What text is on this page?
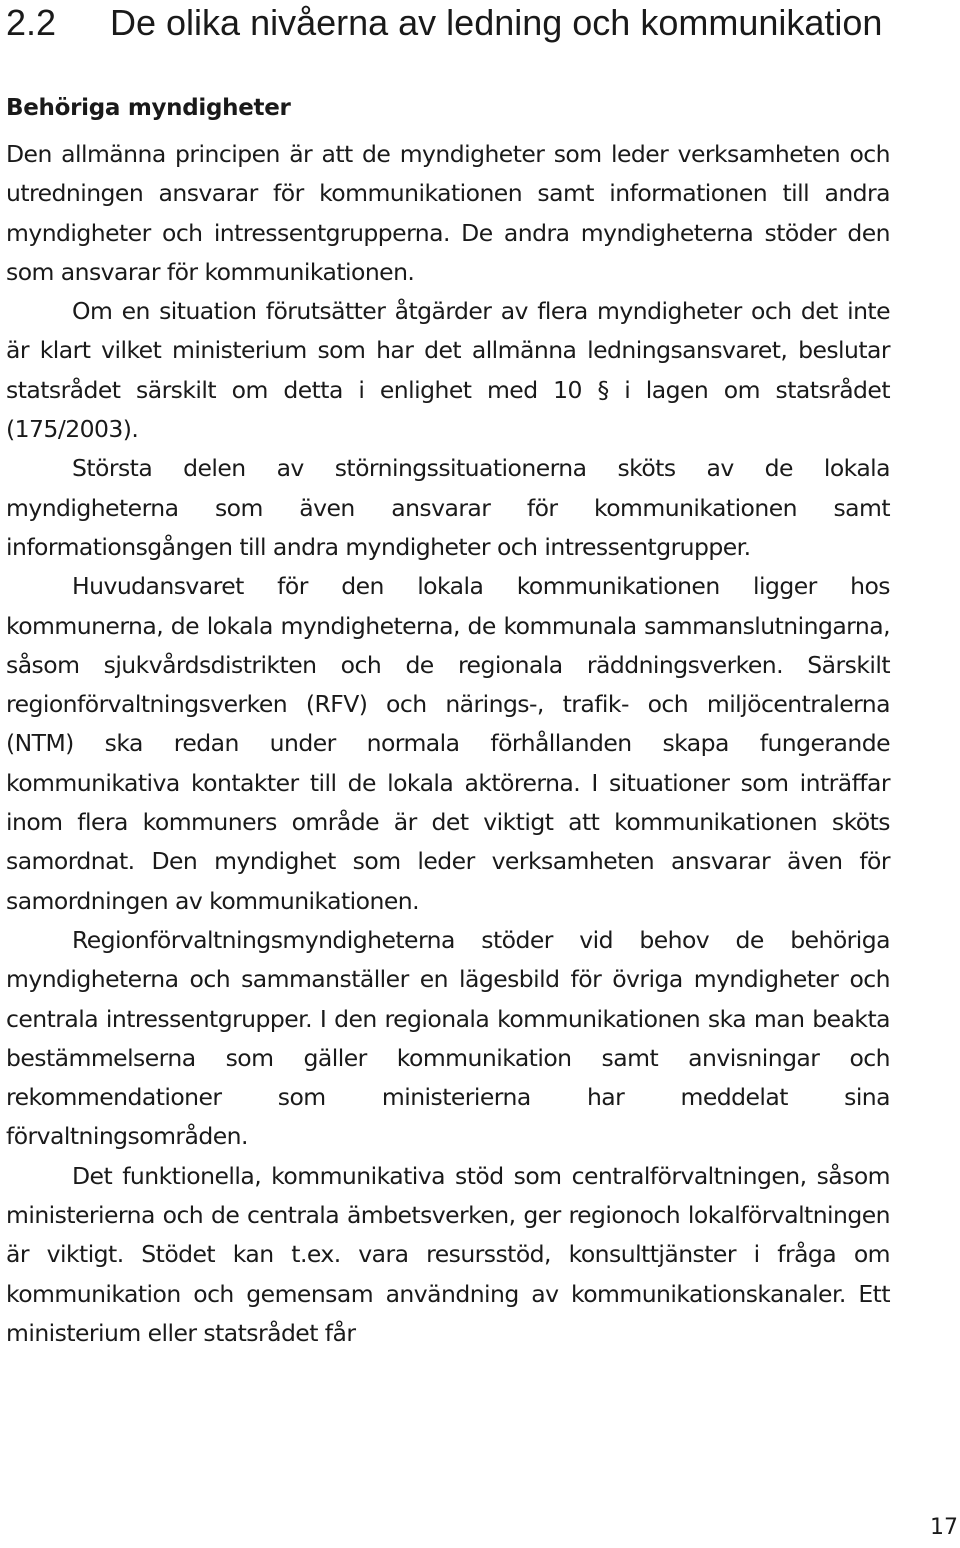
2.2 De olika nivåerna av ledning och kommunikation
Behöriga myndigheter

Den allmänna principen är att de myndigheter som leder verksamheten och utredningen ansvarar för kommunikationen samt informationen till andra myndigheter och intressentgrupperna. De andra myndigheterna stöder den som ansvarar för kommunikationen.

Om en situation förutsätter åtgärder av flera myndigheter och det inte är klart vilket ministerium som har det allmänna ledningsansvaret, beslutar statsrådet särskilt om detta i enlighet med 10 § i lagen om statsrådet (175/2003).

Största delen av störningssituationerna sköts av de lokala myndigheterna som även ansvarar för kommunikationen samt informationsgången till andra myndigheter och intressentgrupper.

Huvudansvaret för den lokala kommunikationen ligger hos kommunerna, de lokala myndigheterna, de kommunala sammanslutningarna, såsom sjukvårdsdistrikten och de regionala räddningsverken. Särskilt regionförvaltningsverken (RFV) och närings-, trafik- och miljöcentralerna (NTM) ska redan under normala förhållanden skapa fungerande kommunikativa kontakter till de lokala aktörerna. I situationer som inträffar inom flera kommuners område är det viktigt att kommunikationen sköts samordnat. Den myndighet som leder verksamheten ansvarar även för samordningen av kommunikationen.

Regionförvaltningsmyndigheterna stöder vid behov de behöriga myndigheterna och sammanställer en lägesbild för övriga myndigheter och centrala intressentgrupper. I den regionala kommunikationen ska man beakta bestämmelserna som gäller kommunikation samt anvisningar och rekommendationer som ministerierna har meddelat sina förvaltningsområden.

Det funktionella, kommunikativa stöd som centralförvaltningen, såsom ministerierna och de centrala ämbetsverken, ger regionoch lokalförvaltningen är viktigt. Stödet kan t.ex. vara resursstöd, konsulttjänster i fråga om kommunikation och gemensam användning av kommunikationskanaler. Ett ministerium eller statsrådet får

17
